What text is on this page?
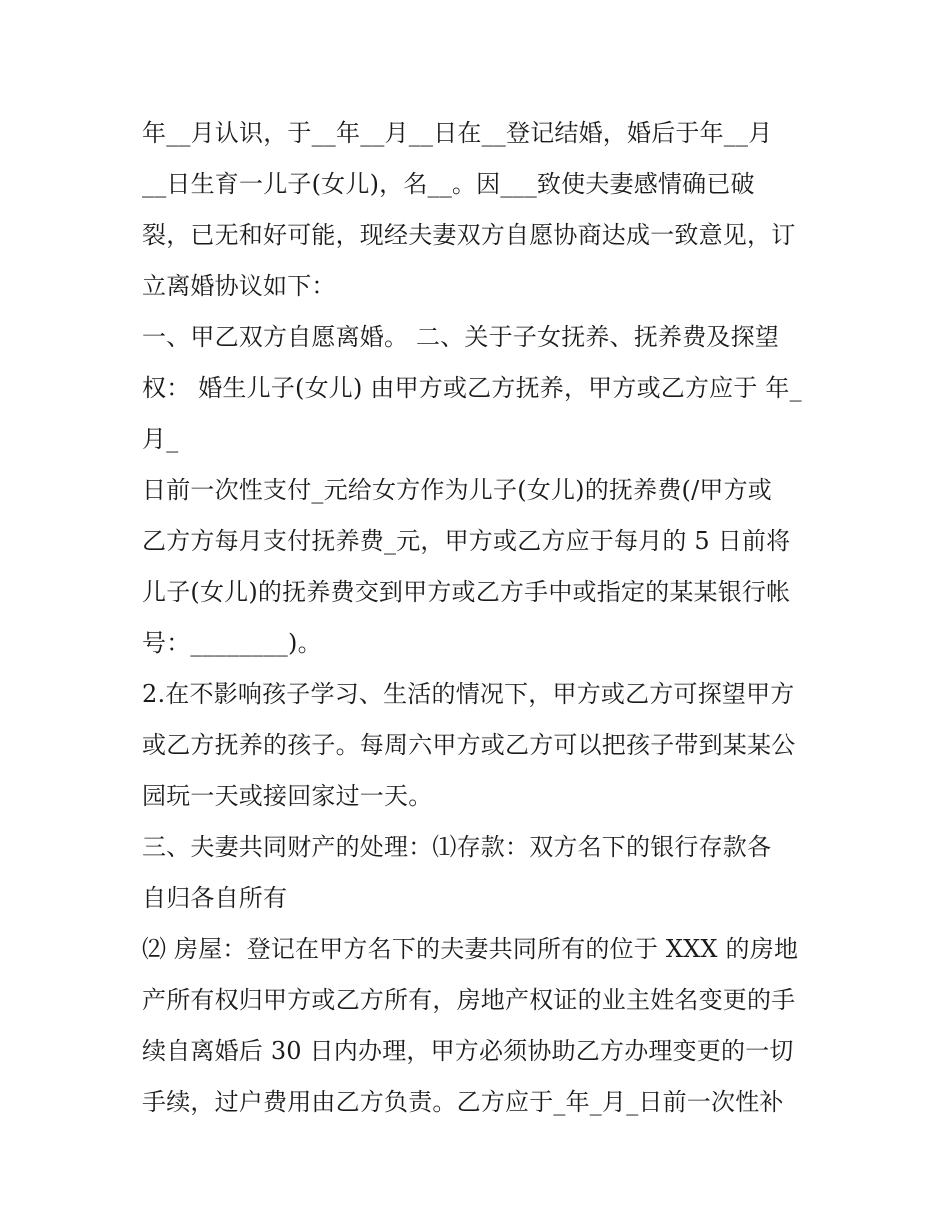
年__月认识，于__年__月__日在__登记结婚，婚后于年__月
__日生育一儿子(女儿)，名__。因___致使夫妻感情确已破
裂，已无和好可能，现经夫妻双方自愿协商达成一致意见，订
立离婚协议如下：
一、甲乙双方自愿离婚。 二、关于子女抚养、抚养费及探望
权： 婚生儿子(女儿) 由甲方或乙方抚养，甲方或乙方应于 年_
月_
日前一次性支付_元给女方作为儿子(女儿)的抚养费(/甲方或
乙方方每月支付抚养费_元，甲方或乙方应于每月的 5 日前将
儿子(女儿)的抚养费交到甲方或乙方手中或指定的某某银行帐
号：________)。
2.在不影响孩子学习、生活的情况下，甲方或乙方可探望甲方
或乙方抚养的孩子。每周六甲方或乙方可以把孩子带到某某公
园玩一天或接回家过一天。
三、夫妻共同财产的处理：⑴存款：双方名下的银行存款各
自归各自所有
⑵ 房屋：登记在甲方名下的夫妻共同所有的位于 XXX 的房地
产所有权归甲方或乙方所有，房地产权证的业主姓名变更的手
续自离婚后 30 日内办理，甲方必须协助乙方办理变更的一切
手续，过户费用由乙方负责。乙方应于_年_月_日前一次性补
